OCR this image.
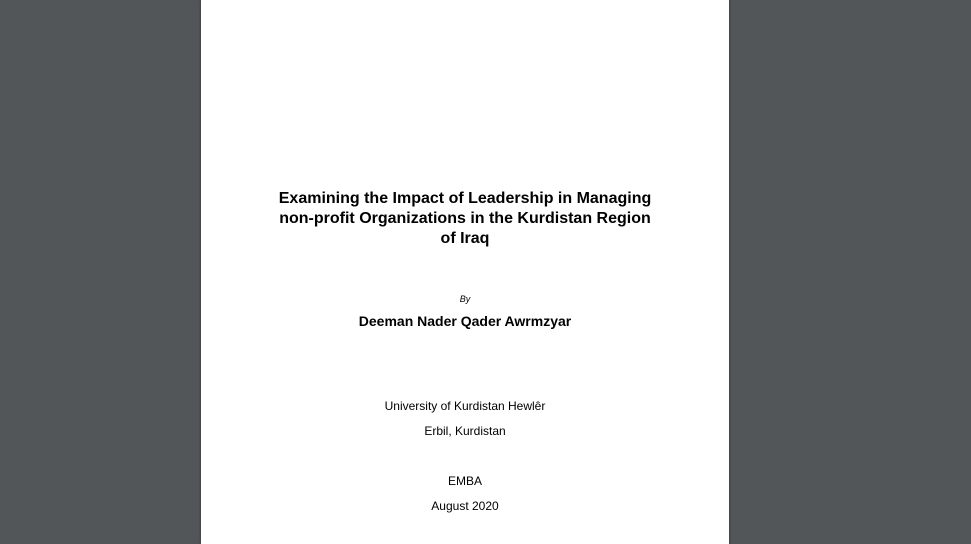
Examining the Impact of Leadership in Managing
non-profit Organizations in the Kurdistan Region
of Iraq
By
Deeman Nader Qader Awrmzyar
University of Kurdistan Hewlêr
Erbil, Kurdistan
EMBA
August 2020
